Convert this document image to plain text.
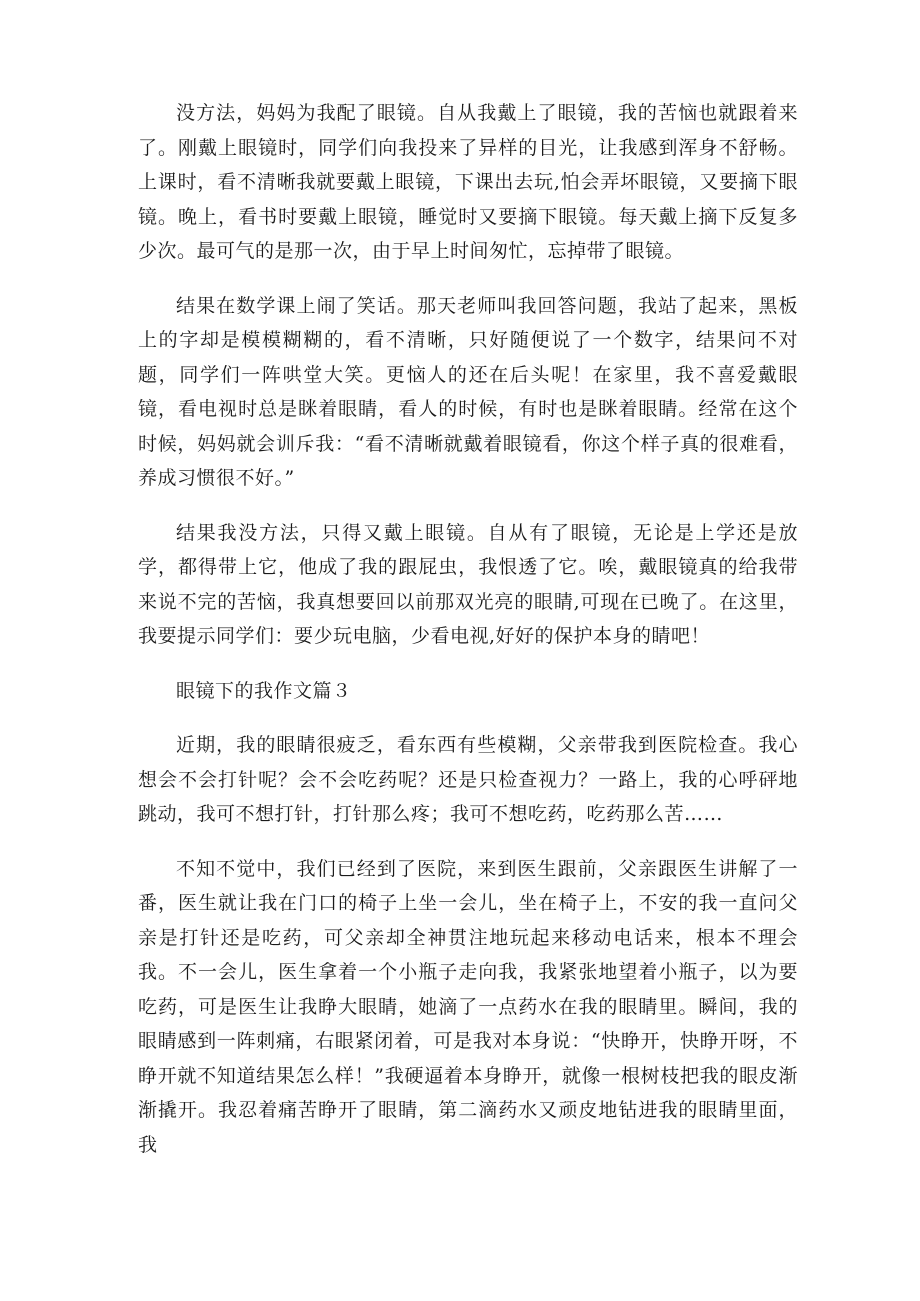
没方法，妈妈为我配了眼镜。自从我戴上了眼镜，我的苦恼也就跟着来了。刚戴上眼镜时，同学们向我投来了异样的目光，让我感到浑身不舒畅。上课时，看不清晰我就要戴上眼镜，下课出去玩,怕会弄坏眼镜，又要摘下眼镜。晚上，看书时要戴上眼镜，睡觉时又要摘下眼镜。每天戴上摘下反复多少次。最可气的是那一次，由于早上时间匆忙，忘掉带了眼镜。

结果在数学课上闹了笑话。那天老师叫我回答问题，我站了起来，黑板上的字却是模模糊糊的，看不清晰，只好随便说了一个数字，结果问不对题，同学们一阵哄堂大笑。更恼人的还在后头呢！在家里，我不喜爱戴眼镜，看电视时总是眯着眼睛，看人的时候，有时也是眯着眼睛。经常在这个时候，妈妈就会训斥我：“看不清晰就戴着眼镜看，你这个样子真的很难看，养成习惯很不好。”

结果我没方法，只得又戴上眼镜。自从有了眼镜，无论是上学还是放学，都得带上它，他成了我的跟屁虫，我恨透了它。唉，戴眼镜真的给我带来说不完的苦恼，我真想要回以前那双光亮的眼睛,可现在已晚了。在这里，我要提示同学们：要少玩电脑，少看电视,好好的保护本身的睛吧！

眼镜下的我作文篇３

近期，我的眼睛很疲乏，看东西有些模糊，父亲带我到医院检查。我心想会不会打针呢？会不会吃药呢？还是只检查视力？一路上，我的心呼砰地跳动，我可不想打针，打针那么疼；我可不想吃药，吃药那么苦……

不知不觉中，我们已经到了医院，来到医生跟前，父亲跟医生讲解了一番，医生就让我在门口的椅子上坐一会儿，坐在椅子上，不安的我一直问父亲是打针还是吃药，可父亲却全神贯注地玩起来移动电话来，根本不理会我。不一会儿，医生拿着一个小瓶子走向我，我紧张地望着小瓶子，以为要吃药，可是医生让我睁大眼睛，她滴了一点药水在我的眼睛里。瞬间，我的眼睛感到一阵刺痛，右眼紧闭着，可是我对本身说：“快睁开，快睁开呀，不睁开就不知道结果怎么样！”我硬逼着本身睁开，就像一根树枝把我的眼皮渐渐撬开。我忍着痛苦睁开了眼睛，第二滴药水又顽皮地钻进我的眼睛里面，我
